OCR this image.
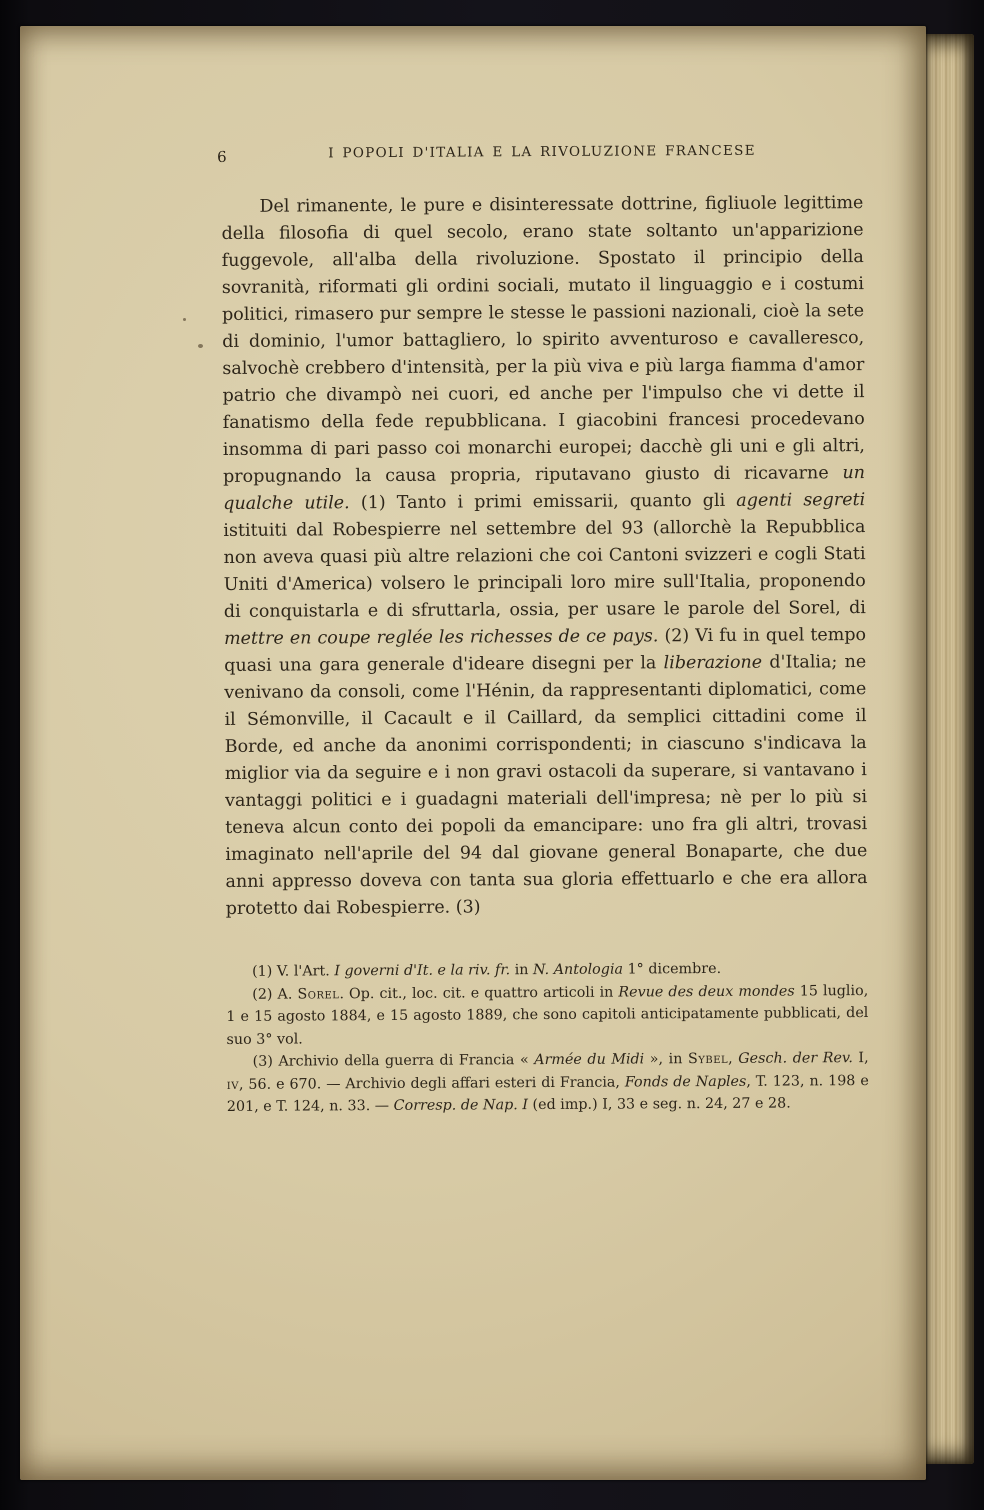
6	I POPOLI D'ITALIA E LA RIVOLUZIONE FRANCESE

Del rimanente, le pure e disinteressate dottrine, figliuole legittime della filosofia di quel secolo, erano state soltanto un'apparizione fuggevole, all'alba della rivoluzione. Spostato il principio della sovranità, riformati gli ordini sociali, mutato il linguaggio e i costumi politici, rimasero pur sempre le stesse le passioni nazionali, cioè la sete di dominio, l'umor battagliero, lo spirito avventuroso e cavalleresco, salvochè crebbero d'intensità, per la più viva e più larga fiamma d'amor patrio che divampò nei cuori, ed anche per l'impulso che vi dette il fanatismo della fede repubblicana. I giacobini francesi procedevano insomma di pari passo coi monarchi europei; dacchè gli uni e gli altri, propugnando la causa propria, riputavano giusto di ricavarne un qualche utile. (1) Tanto i primi emissarii, quanto gli agenti segreti istituiti dal Robespierre nel settembre del 93 (allorchè la Repubblica non aveva quasi più altre relazioni che coi Cantoni svizzeri e cogli Stati Uniti d'America) volsero le principali loro mire sull'Italia, proponendo di conquistarla e di sfruttarla, ossia, per usare le parole del Sorel, di mettre en coupe reglée les richesses de ce pays. (2) Vi fu in quel tempo quasi una gara generale d'ideare disegni per la liberazione d'Italia; ne venivano da consoli, come l'Hénin, da rappresentanti diplomatici, come il Sémonville, il Cacault e il Caillard, da semplici cittadini come il Borde, ed anche da anonimi corrispondenti; in ciascuno s'indicava la miglior via da seguire e i non gravi ostacoli da superare, si vantavano i vantaggi politici e i guadagni materiali dell'impresa; nè per lo più si teneva alcun conto dei popoli da emancipare: uno fra gli altri, trovasi imaginato nell'aprile del 94 dal giovane general Bonaparte, che due anni appresso doveva con tanta sua gloria effettuarlo e che era allora protetto dai Robespierre. (3)

(1) V. l'Art. I governi d'It. e la riv. fr. in N. Antologia 1° dicembre.

(2) A. Sorel. Op. cit., loc. cit. e quattro articoli in Revue des deux mondes 15 luglio, 1 e 15 agosto 1884, e 15 agosto 1889, che sono capitoli anticipatamente pubblicati, del suo 3° vol.

(3) Archivio della guerra di Francia « Armée du Midi », in Sybel, Gesch. der Rev. I, iv, 56. e 670. — Archivio degli affari esteri di Francia, Fonds de Naples, T. 123, n. 198 e 201, e T. 124, n. 33. — Corresp. de Nap. I (ed imp.) I, 33 e seg. n. 24, 27 e 28.
